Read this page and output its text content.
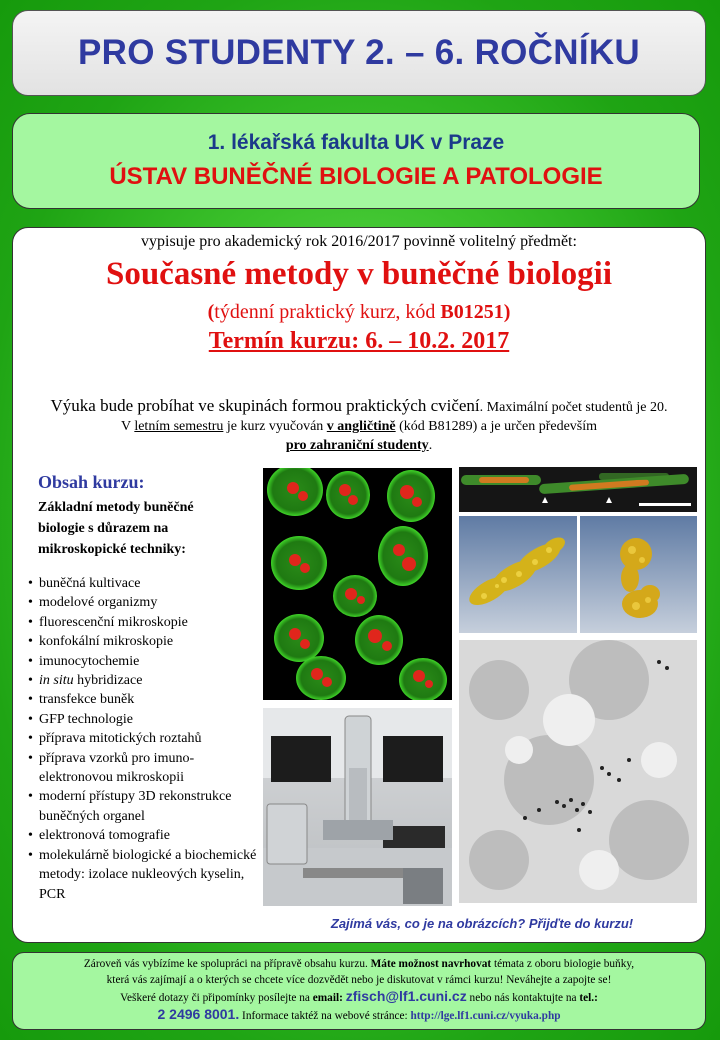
PRO STUDENTY 2. – 6. ROČNÍKU
1. lékařská fakulta UK v Praze
ÚSTAV BUNĚČNÉ BIOLOGIE A PATOLOGIE
vypisuje pro akademický rok 2016/2017 povinně volitelný předmět:
Současné metody v buněčné biologii
(týdenní praktický kurz, kód B01251)
Termín kurzu: 6. – 10.2. 2017
Výuka bude probíhat ve skupinách formou praktických cvičení. Maximální počet studentů je 20.
V letním semestru je kurz vyučován v angličtině (kód B81289) a je určen především
pro zahraniční studenty.
Obsah kurzu:
Základní metody buněčné biologie s důrazem na mikroskopické techniky:
• buněčná kultivace
• modelové organizmy
• fluorescenční mikroskopie
• konfokální mikroskopie
• imunocytochemie
• in situ hybridizace
• transfekce buněk
• GFP technologie
• příprava mitotických roztahů
• příprava vzorků pro imuno-elektronovou mikroskopii
• moderní přístupy 3D rekonstrukce buněčných organel
• elektronová tomografie
• molekulárně biologické a biochemické metody: izolace nukleových kyselin, PCR
Zajímá vás, co je na obrázcích? Přijďte do kurzu!
Zároveň vás vybízíme ke spolupráci na přípravě obsahu kurzu. Máte možnost navrhovat témata z oboru biologie buňky,
která vás zajímají a o kterých se chcete více dozvědět nebo je diskutovat v rámci kurzu! Neváhejte a zapojte se!
Veškeré dotazy či připomínky posílejte na email: zfisch@lf1.cuni.cz nebo nás kontaktujte na tel.:
2 2496 8001. Informace taktéž na webové stránce: http://lge.lf1.cuni.cz/vyuka.php
